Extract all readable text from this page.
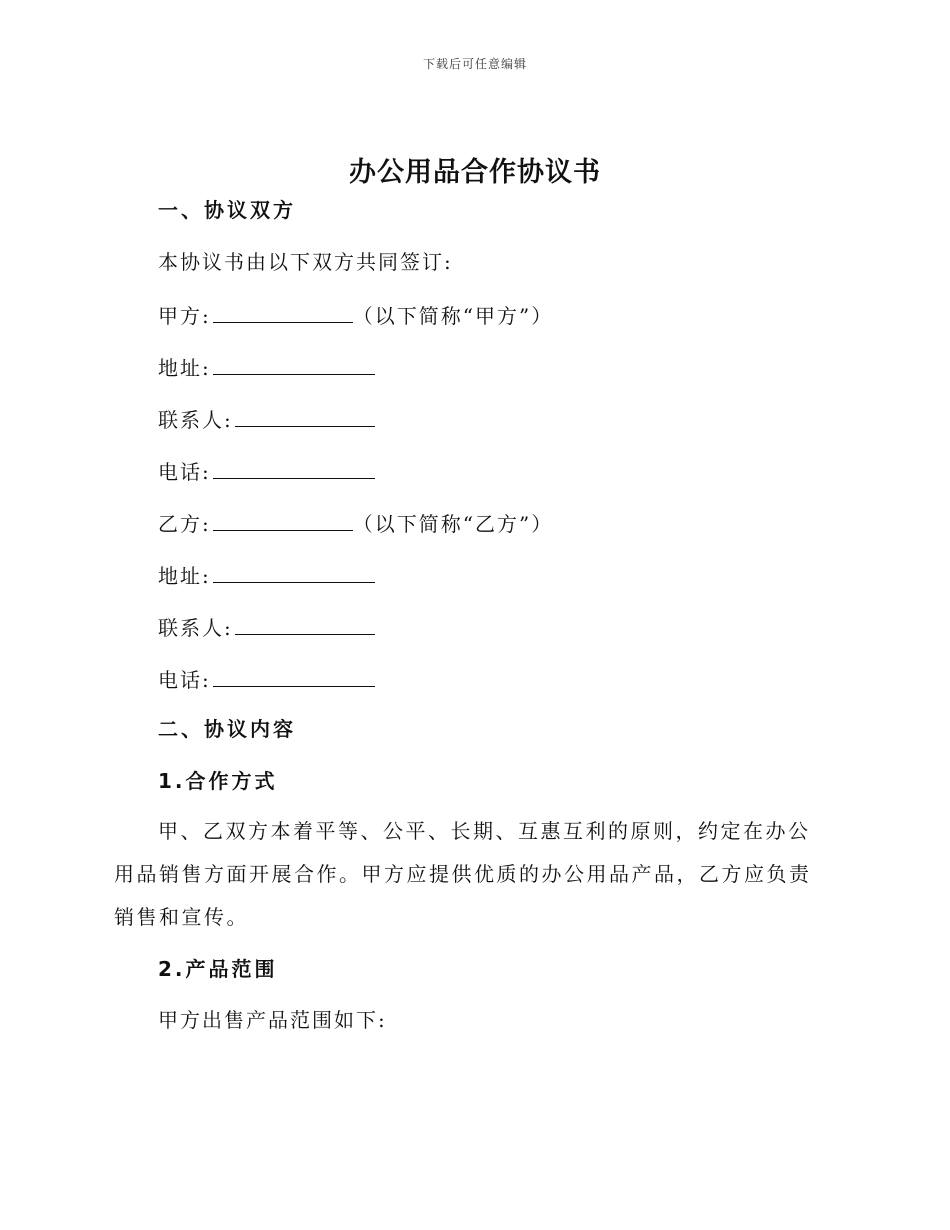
下载后可任意编辑
办公用品合作协议书
一、协议双方
本协议书由以下双方共同签订:
甲方:	（以下简称“甲方”）
地址:
联系人:
电话:
乙方:	（以下简称“乙方”）
地址:
联系人:
电话:
二、协议内容
1.合作方式

甲、乙双方本着平等、公平、长期、互惠互利的原则，约定在办公用品销售方面开展合作。甲方应提供优质的办公用品产品，乙方应负责销售和宣传。

2.产品范围
甲方出售产品范围如下:
